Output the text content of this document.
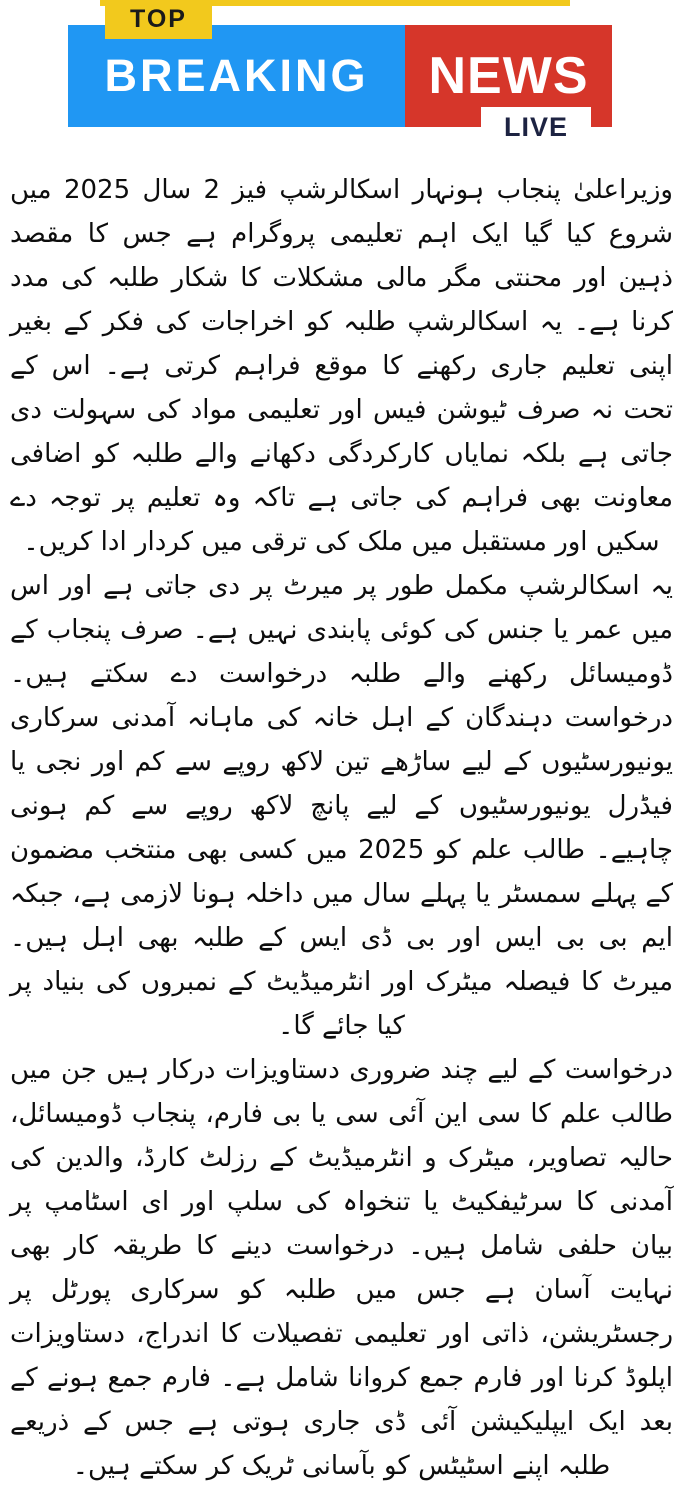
BREAKING NEWS
TOP
LIVE

وزیراعلیٰ پنجاب ہونہار اسکالرشپ فیز 2 سال 2025 میں شروع کیا گیا ایک اہم تعلیمی پروگرام ہے جس کا مقصد ذہین اور محنتی مگر مالی مشکلات کا شکار طلبہ کی مدد کرنا ہے۔ یہ اسکالرشپ طلبہ کو اخراجات کی فکر کے بغیر اپنی تعلیم جاری رکھنے کا موقع فراہم کرتی ہے۔ اس کے تحت نہ صرف ٹیوشن فیس اور تعلیمی مواد کی سہولت دی جاتی ہے بلکہ نمایاں کارکردگی دکھانے والے طلبہ کو اضافی معاونت بھی فراہم کی جاتی ہے تاکہ وہ تعلیم پر توجہ دے سکیں اور مستقبل میں ملک کی ترقی میں کردار ادا کریں۔

یہ اسکالرشپ مکمل طور پر میرٹ پر دی جاتی ہے اور اس میں عمر یا جنس کی کوئی پابندی نہیں ہے۔ صرف پنجاب کے ڈومیسائل رکھنے والے طلبہ درخواست دے سکتے ہیں۔ درخواست دہندگان کے اہل خانہ کی ماہانہ آمدنی سرکاری یونیورسٹیوں کے لیے ساڑھے تین لاکھ روپے سے کم اور نجی یا فیڈرل یونیورسٹیوں کے لیے پانچ لاکھ روپے سے کم ہونی چاہیے۔ طالب علم کو 2025 میں کسی بھی منتخب مضمون کے پہلے سمسٹر یا پہلے سال میں داخلہ ہونا لازمی ہے، جبکہ ایم بی بی ایس اور بی ڈی ایس کے طلبہ بھی اہل ہیں۔ میرٹ کا فیصلہ میٹرک اور انٹرمیڈیٹ کے نمبروں کی بنیاد پر کیا جائے گا۔

درخواست کے لیے چند ضروری دستاویزات درکار ہیں جن میں طالب علم کا سی این آئی سی یا بی فارم، پنجاب ڈومیسائل، حالیہ تصاویر، میٹرک و انٹرمیڈیٹ کے رزلٹ کارڈ، والدین کی آمدنی کا سرٹیفکیٹ یا تنخواہ کی سلپ اور ای اسٹامپ پر بیان حلفی شامل ہیں۔ درخواست دینے کا طریقہ کار بھی نہایت آسان ہے جس میں طلبہ کو سرکاری پورٹل پر رجسٹریشن، ذاتی اور تعلیمی تفصیلات کا اندراج، دستاویزات اپلوڈ کرنا اور فارم جمع کروانا شامل ہے۔ فارم جمع ہونے کے بعد ایک ایپلیکیشن آئی ڈی جاری ہوتی ہے جس کے ذریعے طلبہ اپنے اسٹیٹس کو بآسانی ٹریک کر سکتے ہیں۔
